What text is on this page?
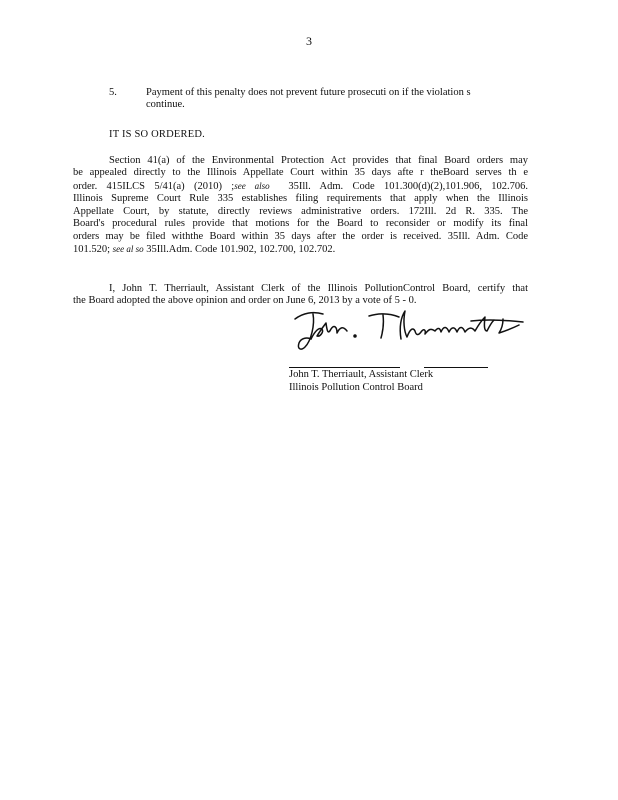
3
5.	Payment of this penalty does not prevent future prosecuti on if the violation s
continue.
IT IS SO ORDERED.
Section 41(a) of the Environmental Protection Act provides that final Board orders may
be appealed directly to the Illinois Appellate Court within 35 days afte r theBoard serves th e
order. 415ILCS 5/41(a) (2010) ;see also 35Ill. Adm. Code 101.300(d)(2),101.906, 102.706.
Illinois Supreme Court Rule 335 establishes filing requirements that apply when the Illinois
Appellate Court, by statute, directly reviews administrative orders. 172Ill. 2d R. 335. The
Board's procedural rules provide that motions for the Board to reconsider or modify its final
orders may be filed withthe Board within 35 days after the order is received. 35Ill. Adm. Code
101.520; see al so 35Ill.Adm. Code 101.902, 102.700, 102.702.
I, John T. Therriault, Assistant Clerk of the Illinois PollutionControl Board, certify that
the Board adopted the above opinion and order on June 6, 2013 by a vote of 5 - 0.
John T. Therriault, Assistant Clerk
Illinois Pollution Control Board
